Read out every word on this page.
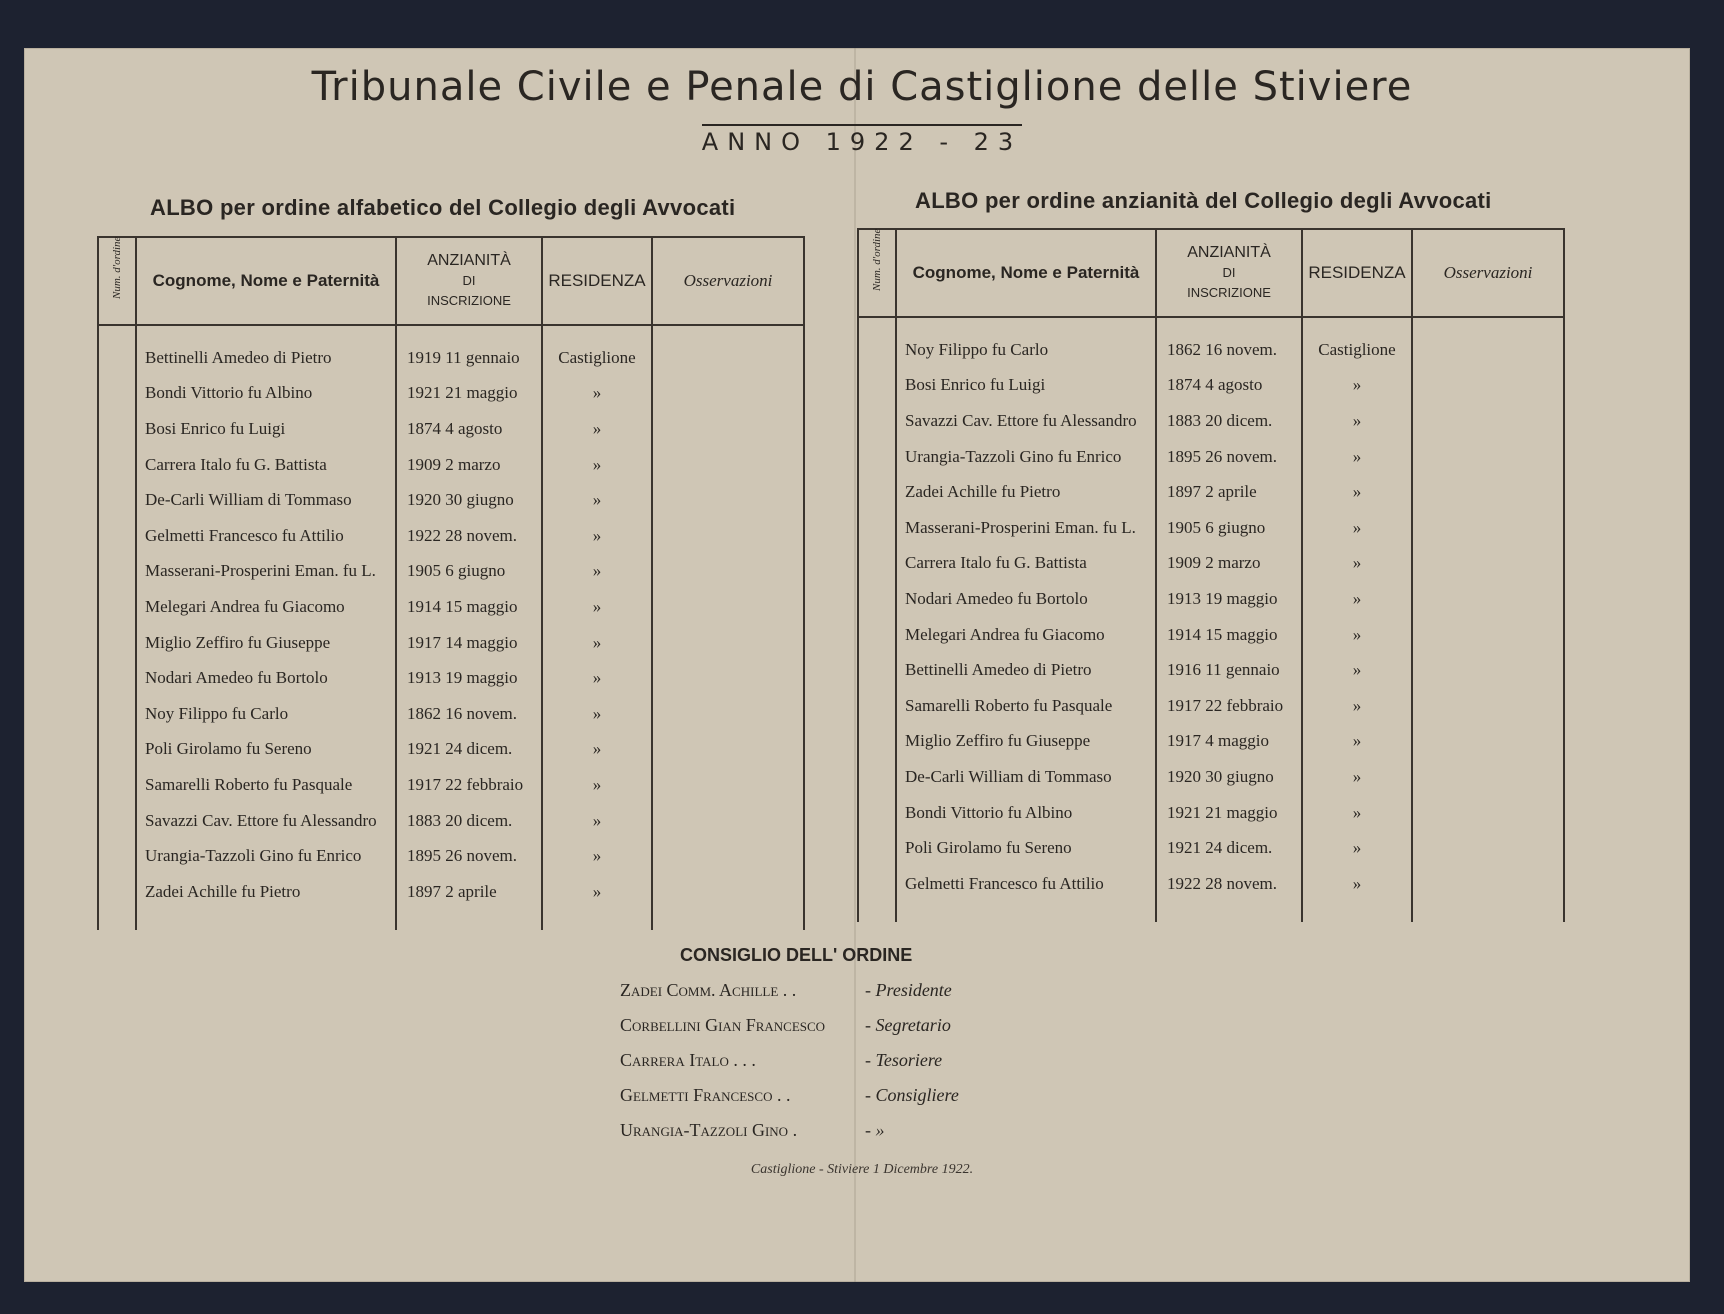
Tribunale Civile e Penale di Castiglione delle Stiviere
ANNO 1922 - 23
ALBO per ordine alfabetico del Collegio degli Avvocati	ALBO per ordine anzianità del Collegio degli Avvocati
Num. d'ordine	Cognome, Nome e Paternità	ANZIANITÀ
DI
INSCRIZIONE	RESIDENZA	Osservazioni
	Bettinelli Amedeo di Pietro	1919 11 gennaio	Castiglione	
	Bondi Vittorio fu Albino	1921 21 maggio	»	
	Bosi Enrico fu Luigi	1874 4 agosto	»	
	Carrera Italo fu G. Battista	1909 2 marzo	»	
	De-Carli William di Tommaso	1920 30 giugno	»	
	Gelmetti Francesco fu Attilio	1922 28 novem.	»	
	Masserani-Prosperini Eman. fu L.	1905 6 giugno	»	
	Melegari Andrea fu Giacomo	1914 15 maggio	»	
	Miglio Zeffiro fu Giuseppe	1917 14 maggio	»	
	Nodari Amedeo fu Bortolo	1913 19 maggio	»	
	Noy Filippo fu Carlo	1862 16 novem.	»	
	Poli Girolamo fu Sereno	1921 24 dicem.	»	
	Samarelli Roberto fu Pasquale	1917 22 febbraio	»	
	Savazzi Cav. Ettore fu Alessandro	1883 20 dicem.	»	
	Urangia-Tazzoli Gino fu Enrico	1895 26 novem.	»	
	Zadei Achille fu Pietro	1897 2 aprile	»	

Num. d'ordine	Cognome, Nome e Paternità	ANZIANITÀ
DI
INSCRIZIONE	RESIDENZA	Osservazioni
	Noy Filippo fu Carlo	1862 16 novem.	Castiglione	
	Bosi Enrico fu Luigi	1874 4 agosto	»	
	Savazzi Cav. Ettore fu Alessandro	1883 20 dicem.	»	
	Urangia-Tazzoli Gino fu Enrico	1895 26 novem.	»	
	Zadei Achille fu Pietro	1897 2 aprile	»	
	Masserani-Prosperini Eman. fu L.	1905 6 giugno	»	
	Carrera Italo fu G. Battista	1909 2 marzo	»	
	Nodari Amedeo fu Bortolo	1913 19 maggio	»	
	Melegari Andrea fu Giacomo	1914 15 maggio	»	
	Bettinelli Amedeo di Pietro	1916 11 gennaio	»	
	Samarelli Roberto fu Pasquale	1917 22 febbraio	»	
	Miglio Zeffiro fu Giuseppe	1917 4 maggio	»	
	De-Carli William di Tommaso	1920 30 giugno	»	
	Bondi Vittorio fu Albino	1921 21 maggio	»	
	Poli Girolamo fu Sereno	1921 24 dicem.	»	
	Gelmetti Francesco fu Attilio	1922 28 novem.	»	

CONSIGLIO DELL' ORDINE
Zadei Comm. Achille . .	- Presidente
Corbellini Gian Francesco - Segretario
Carrera Italo . . .	- Tesoriere
Gelmetti Francesco . .	- Consigliere
Urangia-Tazzoli Gino .	- »
Castiglione - Stiviere 1 Dicembre 1922.
